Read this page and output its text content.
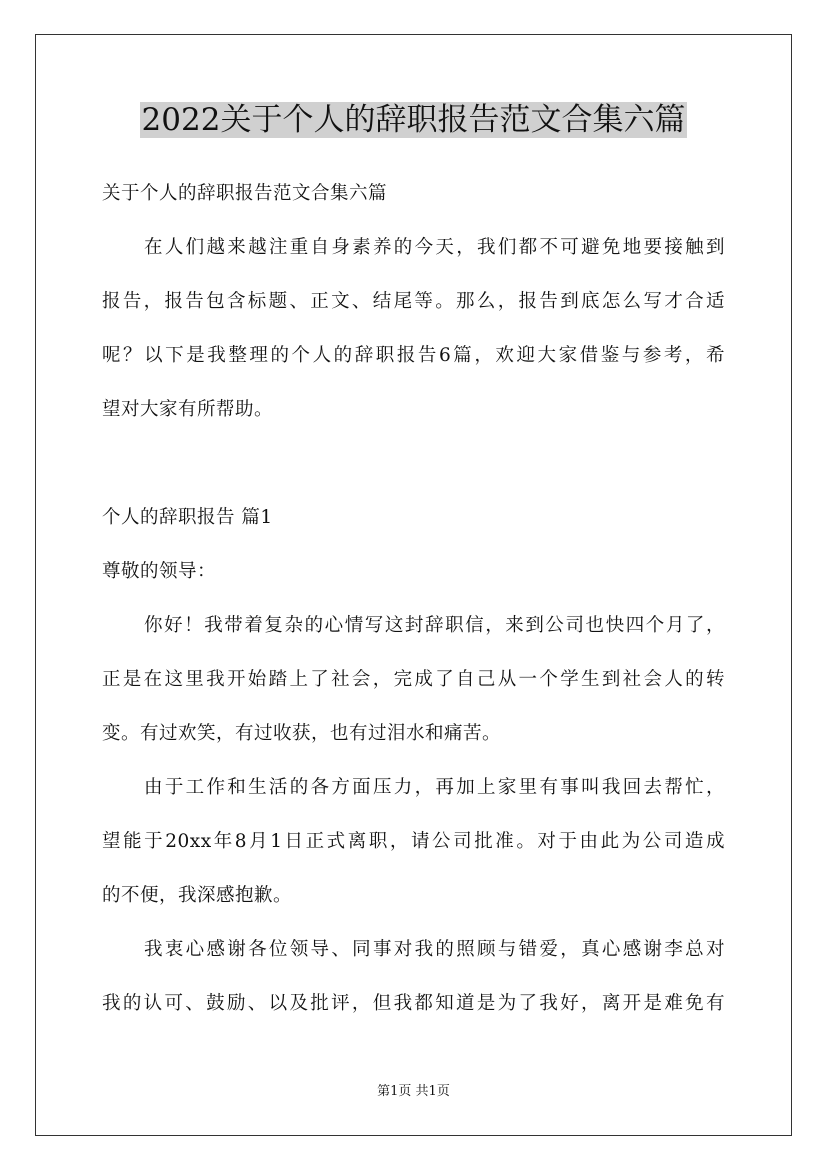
2022关于个人的辞职报告范文合集六篇
关于个人的辞职报告范文合集六篇
在人们越来越注重自身素养的今天，我们都不可避免地要接触到
报告，报告包含标题、正文、结尾等。那么，报告到底怎么写才合适
呢？以下是我整理的个人的辞职报告6篇，欢迎大家借鉴与参考，希
望对大家有所帮助。
个人的辞职报告 篇1
尊敬的领导：
你好！我带着复杂的心情写这封辞职信，来到公司也快四个月了，
正是在这里我开始踏上了社会，完成了自己从一个学生到社会人的转
变。有过欢笑，有过收获，也有过泪水和痛苦。
由于工作和生活的各方面压力，再加上家里有事叫我回去帮忙，
望能于20xx年8月1日正式离职，请公司批准。对于由此为公司造成
的不便，我深感抱歉。
我衷心感谢各位领导、同事对我的照顾与错爱，真心感谢李总对
我的认可、鼓励、以及批评，但我都知道是为了我好，离开是难免有
第1页 共1页
